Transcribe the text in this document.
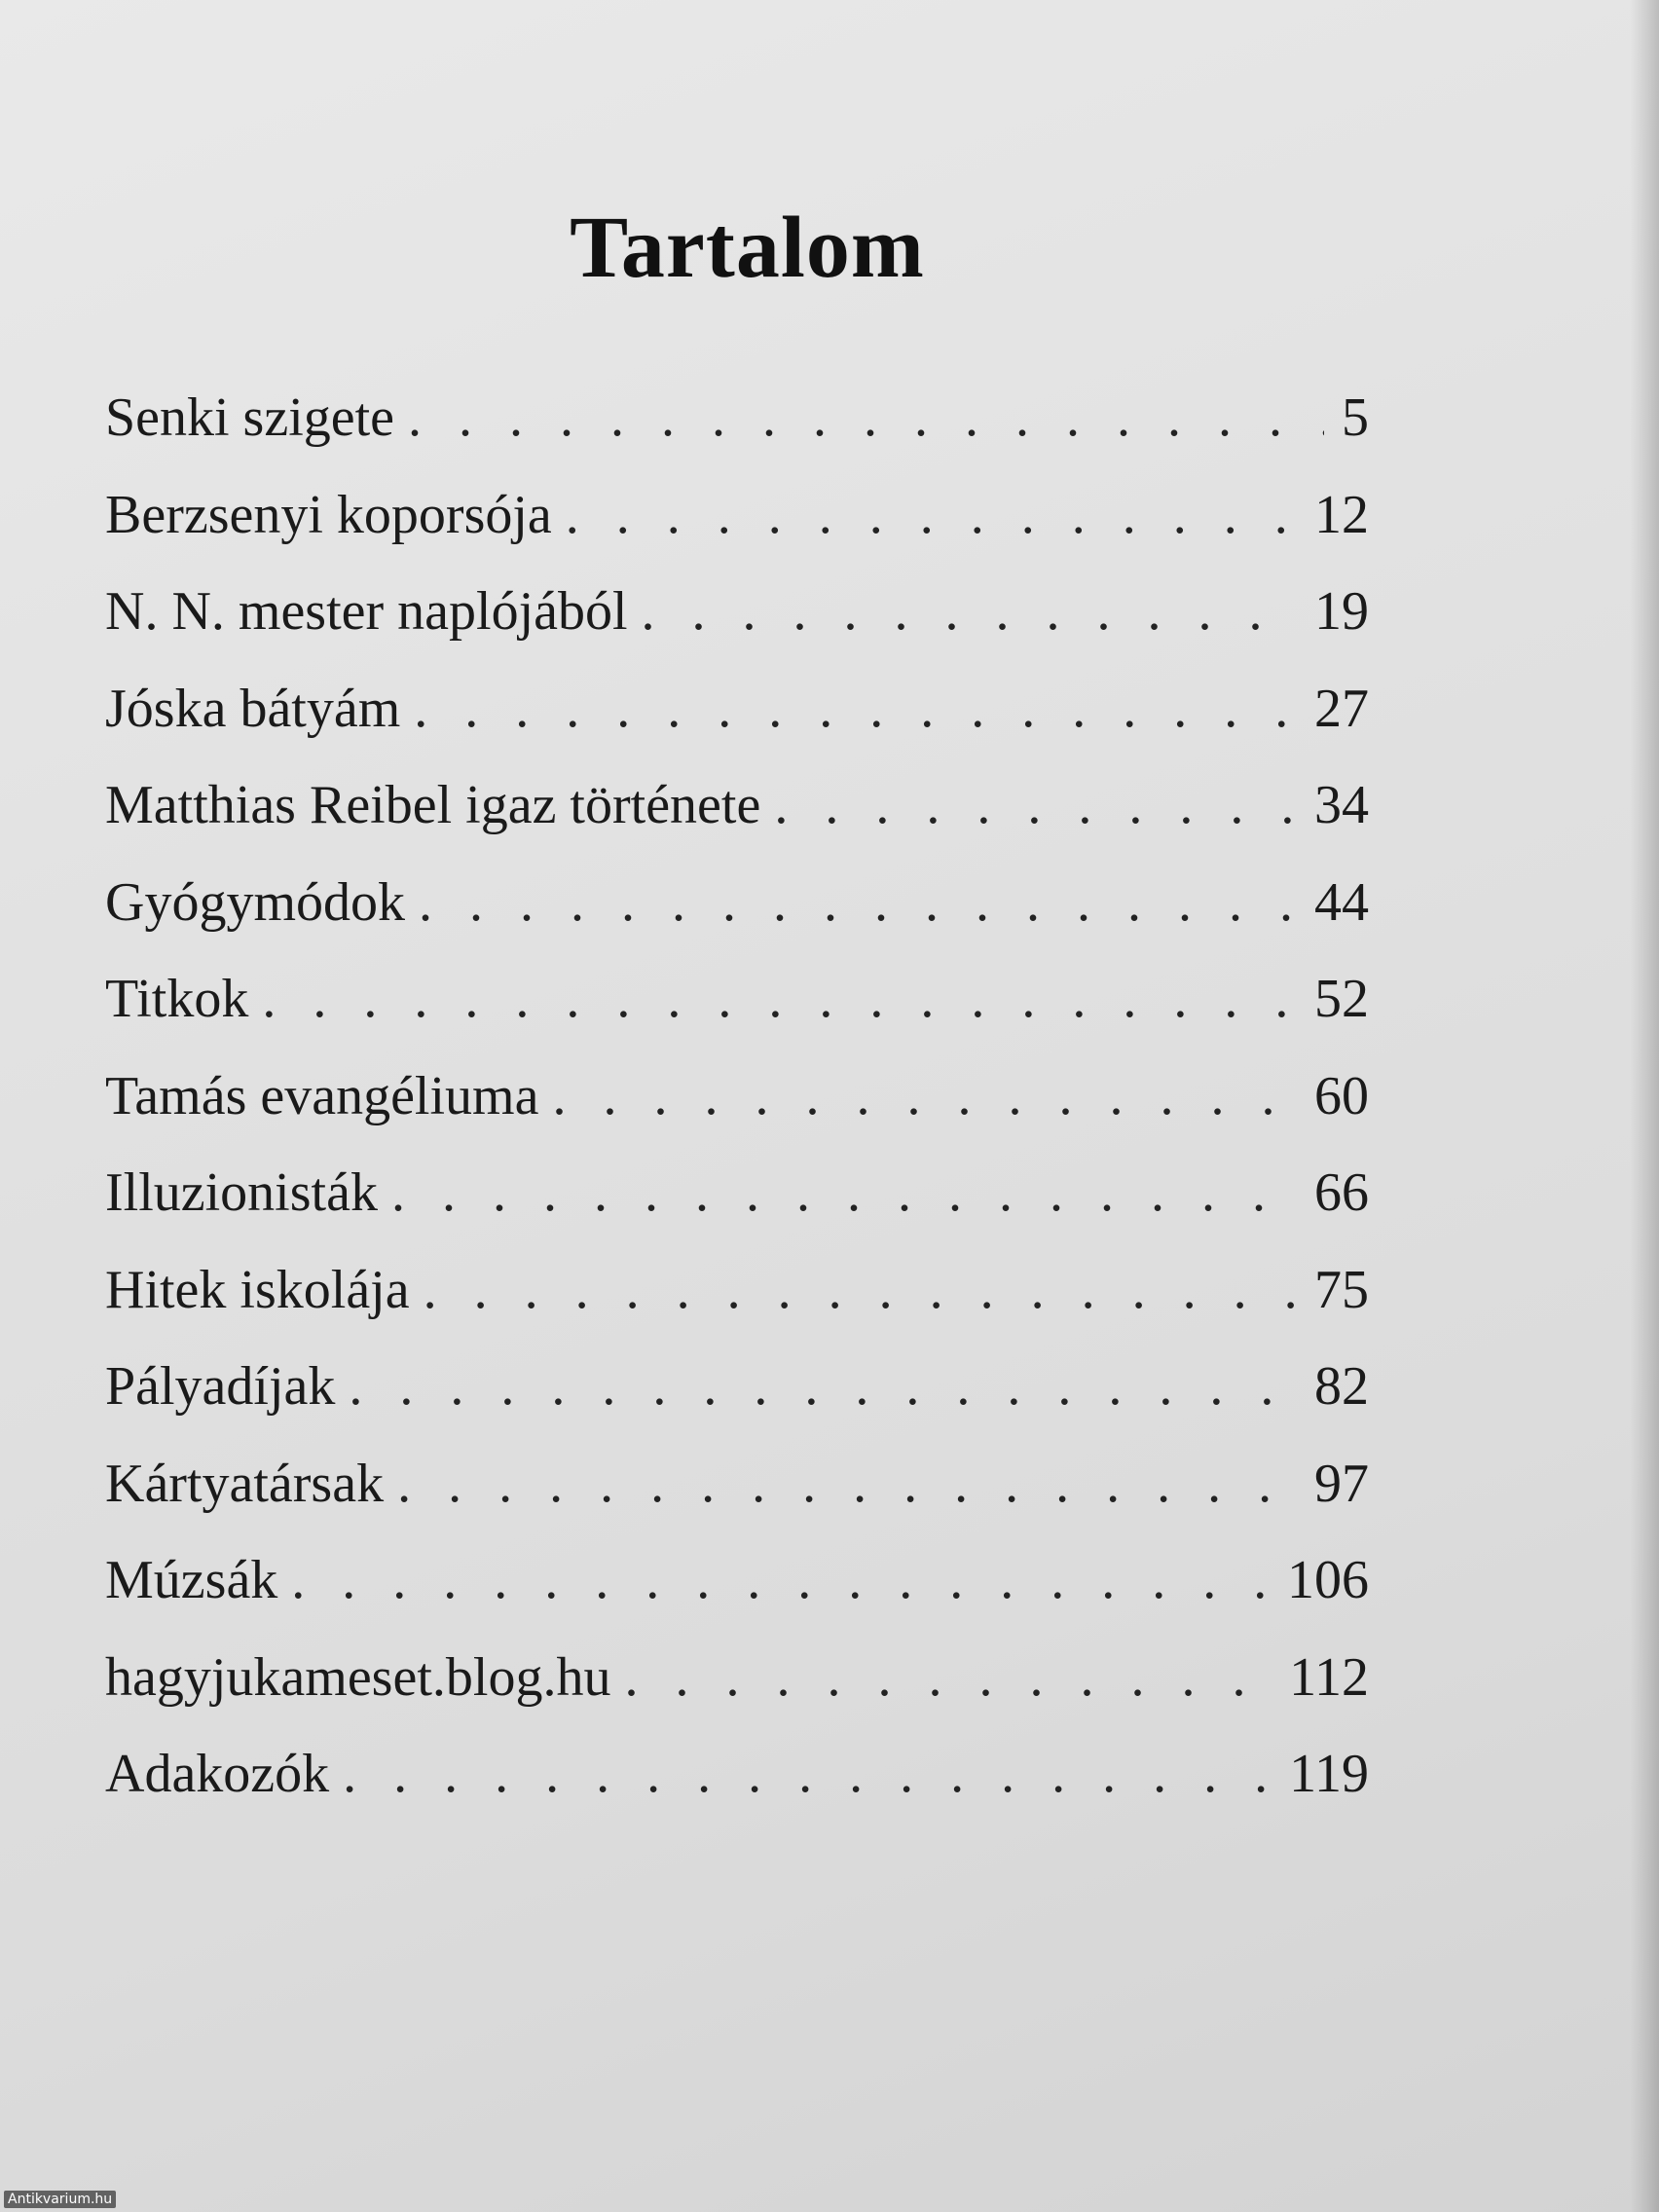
Tartalom
Senki szigete . . .	5
Berzsenyi koporsója . . .	12
N. N. mester naplójából . . .	19
Jóska bátyám . . .	27
Matthias Reibel igaz története . . .	34
Gyógymódok . . .	44
Titkok . . .	52
Tamás evangéliuma . . .	60
Illuzionisták . . .	66
Hitek iskolája . . .	75
Pályadíjak . . .	82
Kártyatársak . . .	97
Múzsák . . .	106
hagyjukameset.blog.hu . . .	112
Adakozók . . .	119
Antikvarium.hu
